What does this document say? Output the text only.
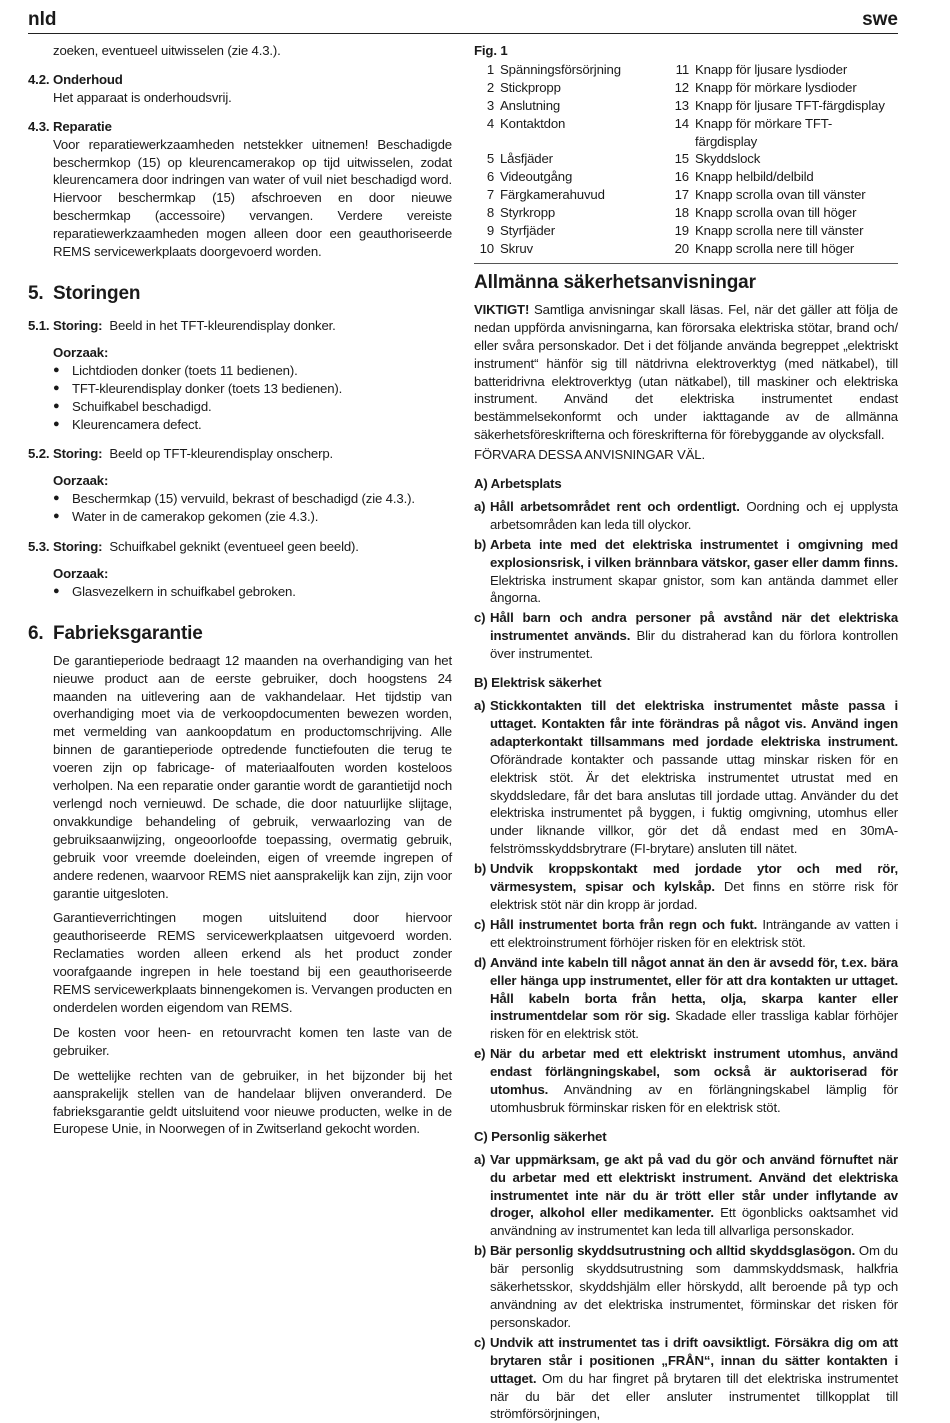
nld	swe

zoeken, eventueel uitwisselen (zie 4.3.).

4.2. Onderhoud
Het apparaat is onderhoudsvrij.
4.3. Reparatie
Voor reparatiewerkzaamheden netstekker uitnemen! Beschadigde beschermkop (15) op kleurencamerakop op tijd uitwisselen, zodat kleurencamera door indringen van water of vuil niet beschadigd word. Hiervoor beschermkap (15) afschroeven en door nieuwe beschermkap (accessoire) vervangen. Verdere vereiste reparatiewerkzaamheden mogen alleen door een geauthoriseerde REMS servicewerkplaats doorgevoerd worden.
5. Storingen
5.1. Storing: Beeld in het TFT-kleurendisplay donker.
Oorzaak:
● Lichtdioden donker (toets 11 bedienen).
● TFT-kleurendisplay donker (toets 13 bedienen).
● Schuifkabel beschadigd.
● Kleurencamera defect.
5.2. Storing: Beeld op TFT-kleurendisplay onscherp.
Oorzaak:
● Beschermkap (15) vervuild, bekrast of beschadigd (zie 4.3.).
● Water in de camerakop gekomen (zie 4.3.).
5.3. Storing: Schuifkabel geknikt (eventueel geen beeld).
Oorzaak:
● Glasvezelkern in schuifkabel gebroken.
6. Fabrieksgarantie

De garantieperiode bedraagt 12 maanden na overhandiging van het nieuwe product aan de eerste gebruiker, doch hoogstens 24 maanden na uitlevering aan de vakhandelaar. Het tijdstip van overhandiging moet via de verkoopdocumenten bewezen worden, met vermelding van aankoopdatum en productomschrijving. Alle binnen de garantieperiode optredende functiefouten die terug te voeren zijn op fabricage- of materiaalfouten worden kosteloos verholpen. Na een reparatie onder garantie wordt de garantietijd noch verlengd noch vernieuwd. De schade, die door natuurlijke slijtage, onvakkundige behandeling of gebruik, verwaarlozing van de gebruiksaanwijzing, ongeoorloofde toepassing, overmatig gebruik, gebruik voor vreemde doeleinden, eigen of vreemde ingrepen of andere redenen, waarvoor REMS niet aansprakelijk kan zijn, zijn voor garantie uitgesloten.

Garantieverrichtingen mogen uitsluitend door hiervoor geauthoriseerde REMS servicewerkplaatsen uitgevoerd worden. Reclamaties worden alleen erkend als het product zonder voorafgaande ingrepen in hele toestand bij een geauthoriseerde REMS servicewerkplaats binnengekomen is. Vervangen producten en onderdelen worden eigendom van REMS.

De kosten voor heen- en retourvracht komen ten laste van de gebruiker.

De wettelijke rechten van de gebruiker, in het bijzonder bij het aansprakelijk stellen van de handelaar blijven onveranderd. De fabrieksgarantie geldt uitsluitend voor nieuwe producten, welke in de Europese Unie, in Noorwegen of in Zwitserland gekocht worden.

Fig. 1
1 Spänningsförsörjning	11 Knapp för ljusare lysdioder
2 Stickpropp	12 Knapp för mörkare lysdioder
3 Anslutning	13 Knapp för ljusare TFT-färgdisplay
4 Kontaktdon	14 Knapp för mörkare TFT-färgdisplay
5 Låsfjäder	15 Skyddslock
6 Videoutgång	16 Knapp helbild/delbild
7 Färgkamerahuvud	17 Knapp scrolla ovan till vänster
8 Styrkropp	18 Knapp scrolla ovan till höger
9 Styrfjäder	19 Knapp scrolla nere till vänster
10 Skruv	20 Knapp scrolla nere till höger
Allmänna säkerhetsanvisningar

VIKTIGT! Samtliga anvisningar skall läsas. Fel, när det gäller att följa de nedan uppförda anvisningarna, kan förorsaka elektriska stötar, brand och/ eller svåra personskador. Det i det följande använda begreppet „elektriskt instrument“ hänför sig till nätdrivna elektroverktyg (med nätkabel), till batteridrivna elektroverktyg (utan nätkabel), till maskiner och elektriska instrument. Använd det elektriska instrumentet endast bestämmelsekonformt och under iakttagande av de allmänna säkerhetsföreskrifterna och föreskrifterna för förebyggande av olycksfall.

FÖRVARA DESSA ANVISNINGAR VÄL.

A) Arbetsplats
a) Håll arbetsområdet rent och ordentligt. Oordning och ej upplysta arbetsområden kan leda till olyckor.
b) Arbeta inte med det elektriska instrumentet i omgivning med explosionsrisk, i vilken brännbara vätskor, gaser eller damm finns. Elektriska instrument skapar gnistor, som kan antända dammet eller ångorna.
c) Håll barn och andra personer på avstånd när det elektriska instrumentet används. Blir du distraherad kan du förlora kontrollen över instrumentet.
B) Elektrisk säkerhet
a) Stickkontakten till det elektriska instrumentet måste passa i uttaget. Kontakten får inte förändras på något vis. Använd ingen adapterkontakt tillsammans med jordade elektriska instrument. Oförändrade kontakter och passande uttag minskar risken för en elektrisk stöt. Är det elektriska instrumentet utrustat med en skyddsledare, får det bara anslutas till jordade uttag. Använder du det elektriska instrumentet på byggen, i fuktig omgivning, utomhus eller under liknande villkor, gör det då endast med en 30mA-felströmsskyddsbrytrare (FI-brytare) ansluten till nätet.
b) Undvik kroppskontakt med jordade ytor och med rör, värmesystem, spisar och kylskåp. Det finns en större risk för elektrisk stöt när din kropp är jordad.
c) Håll instrumentet borta från regn och fukt. Inträngande av vatten i ett elektroinstrument förhöjer risken för en elektrisk stöt.
d) Använd inte kabeln till något annat än den är avsedd för, t.ex. bära eller hänga upp instrumentet, eller för att dra kontakten ur uttaget. Håll kabeln borta från hetta, olja, skarpa kanter eller instrumentdelar som rör sig. Skadade eller trassliga kablar förhöjer risken för en elektrisk stöt.
e) När du arbetar med ett elektriskt instrument utomhus, använd endast förlängningskabel, som också är auktoriserad för utomhus. Användning av en förlängningskabel lämplig för utomhusbruk förminskar risken för en elektrisk stöt.
C) Personlig säkerhet
a) Var uppmärksam, ge akt på vad du gör och använd förnuftet när du arbetar med ett elektriskt instrument. Använd det elektriska instrumentet inte när du är trött eller står under inflytande av droger, alkohol eller medikamenter. Ett ögonblicks oaktsamhet vid användning av instrumentet kan leda till allvarliga personskador.
b) Bär personlig skyddsutrustning och alltid skyddsglasögon. Om du bär personlig skyddsutrustning som dammskyddsmask, halkfria säkerhetsskor, skyddshjälm eller hörskydd, allt beroende på typ och användning av det elektriska instrumentet, förminskar det risken för personskador.
c) Undvik att instrumentet tas i drift oavsiktligt. Försäkra dig om att brytaren står i positionen „FRÅN“, innan du sätter kontakten i uttaget. Om du har fingret på brytaren till det elektriska instrumentet när du bär det eller ansluter instrumentet tillkopplat till strömförsörjningen,
